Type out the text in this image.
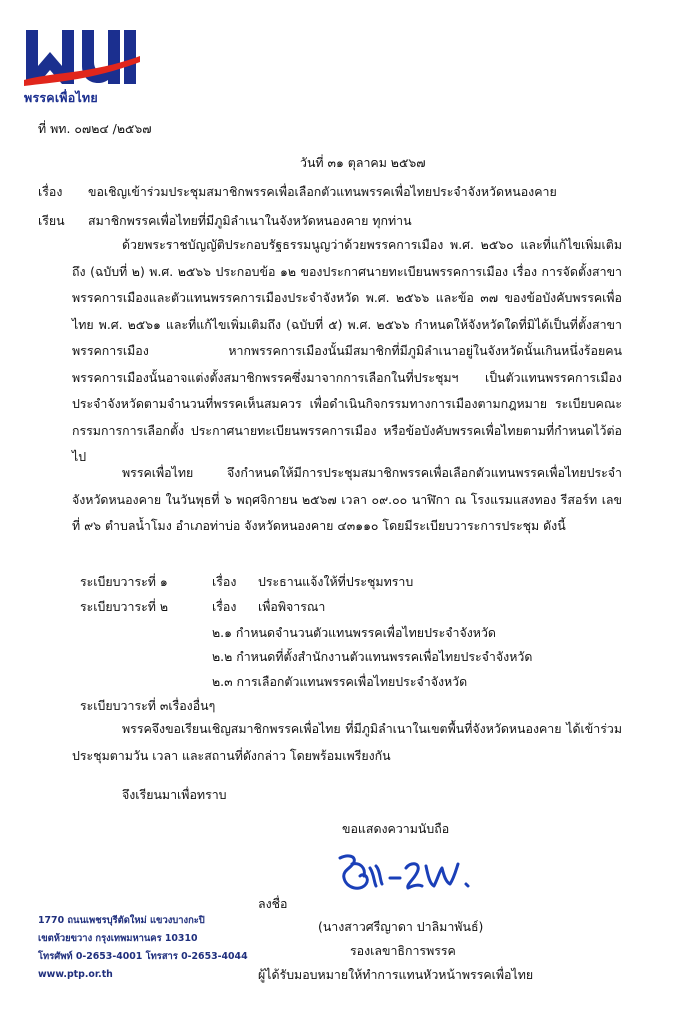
พรรคเพื่อไทย
ที่ พท. ๐๗๒๔ /๒๕๖๗
วันที่ ๓๑ ตุลาคม ๒๕๖๗
เรื่อง ขอเชิญเข้าร่วมประชุมสมาชิกพรรคเพื่อเลือกตัวแทนพรรคเพื่อไทยประจำจังหวัดหนองคาย
เรียน สมาชิกพรรคเพื่อไทยที่มีภูมิลำเนาในจังหวัดหนองคาย ทุกท่าน
ด้วยพระราชบัญญัติประกอบรัฐธรรมนูญว่าด้วยพรรคการเมือง พ.ศ. ๒๕๖๐ และที่แก้ไขเพิ่มเติมถึง (ฉบับที่ ๒) พ.ศ. ๒๕๖๖ ประกอบข้อ ๑๒ ของประกาศนายทะเบียนพรรคการเมือง เรื่อง การจัดตั้งสาขาพรรคการเมืองและตัวแทนพรรคการเมืองประจำจังหวัด พ.ศ. ๒๕๖๖ และข้อ ๓๗ ของข้อบังคับพรรคเพื่อไทย พ.ศ. ๒๕๖๑ และที่แก้ไขเพิ่มเติมถึง (ฉบับที่ ๕) พ.ศ. ๒๕๖๖ กำหนดให้จังหวัดใดที่มิได้เป็นที่ตั้งสาขาพรรคการเมือง หากพรรคการเมืองนั้นมีสมาชิกที่มีภูมิลำเนาอยู่ในจังหวัดนั้นเกินหนึ่งร้อยคน พรรคการเมืองนั้นอาจแต่งตั้งสมาชิกพรรคซึ่งมาจากการเลือกในที่ประชุมฯ เป็นตัวแทนพรรคการเมืองประจำจังหวัดตามจำนวนที่พรรคเห็นสมควร เพื่อดำเนินกิจกรรมทางการเมืองตามกฎหมาย ระเบียบคณะกรรมการการเลือกตั้ง ประกาศนายทะเบียนพรรคการเมือง หรือข้อบังคับพรรคเพื่อไทยตามที่กำหนดไว้ต่อไป
พรรคเพื่อไทย จึงกำหนดให้มีการประชุมสมาชิกพรรคเพื่อเลือกตัวแทนพรรคเพื่อไทยประจำจังหวัดหนองคาย ในวันพุธที่ ๖ พฤศจิกายน ๒๕๖๗ เวลา ๐๙.๐๐ นาฬิกา ณ โรงแรมแสงทอง รีสอร์ท เลขที่ ๙๖ ตำบลน้ำโมง อำเภอท่าบ่อ จังหวัดหนองคาย ๔๓๑๑๐ โดยมีระเบียบวาระการประชุม ดังนี้
ระเบียบวาระที่ ๑	เรื่อง ประธานแจ้งให้ที่ประชุมทราบ
ระเบียบวาระที่ ๒	เรื่อง เพื่อพิจารณา
๒.๑ กำหนดจำนวนตัวแทนพรรคเพื่อไทยประจำจังหวัด
๒.๒ กำหนดที่ตั้งสำนักงานตัวแทนพรรคเพื่อไทยประจำจังหวัด
๒.๓ การเลือกตัวแทนพรรคเพื่อไทยประจำจังหวัด
ระเบียบวาระที่ ๓เรื่องอื่นๆ
พรรคจึงขอเรียนเชิญสมาชิกพรรคเพื่อไทย ที่มีภูมิลำเนาในเขตพื้นที่จังหวัดหนองคาย ได้เข้าร่วมประชุมตามวัน เวลา และสถานที่ดังกล่าว โดยพร้อมเพรียงกัน
จึงเรียนมาเพื่อทราบ
ขอแสดงความนับถือ
ลงชื่อ
(นางสาวศรีญาดา ปาลิมาพันธ์)
รองเลขาธิการพรรค
ผู้ได้รับมอบหมายให้ทำการแทนหัวหน้าพรรคเพื่อไทย
1770 ถนนเพชรบุรีตัดใหม่ แขวงบางกะปิ
เขตห้วยขวาง กรุงเทพมหานคร 10310
โทรศัพท์ 0-2653-4001 โทรสาร 0-2653-4044
www.ptp.or.th
